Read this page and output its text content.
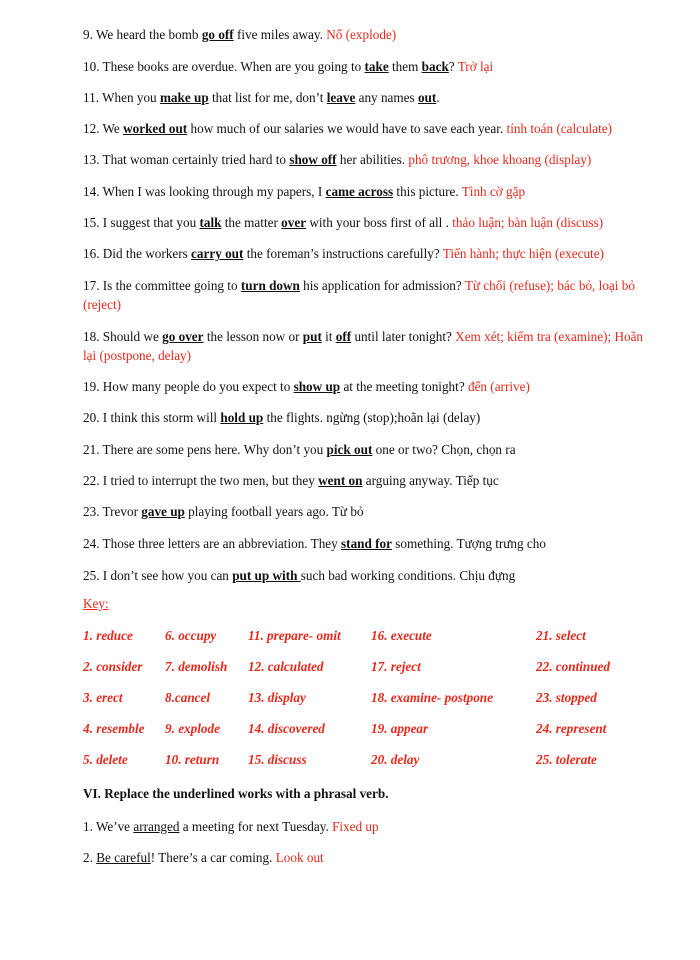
9. We heard the bomb go off five miles away. Nổ (explode)
10. These books are overdue. When are you going to take them back? Trở lại
11. When you make up that list for me, don’t leave any names out.
12. We worked out how much of our salaries we would have to save each year. tính toán (calculate)
13. That woman certainly tried hard to show off her abilities. phô trương, khoe khoang (display)
14. When I was looking through my papers, I came across this picture. Tình cờ gặp
15. I suggest that you talk the matter over with your boss first of all . thảo luận; bàn luận (discuss)
16. Did the workers carry out the foreman’s instructions carefully? Tiến hành; thực hiện (execute)
17. Is the committee going to turn down his application for admission? Từ chối (refuse); bác bỏ, loại bỏ (reject)
18. Should we go over the lesson now or put it off until later tonight? Xem xét; kiểm tra (examine); Hoãn lại (postpone, delay)
19. How many people do you expect to show up at the meeting tonight? đến (arrive)
20. I think this storm will hold up the flights. ngừng (stop);hoãn lại (delay)
21. There are some pens here. Why don’t you pick out one or two? Chọn, chọn ra
22. I tried to interrupt the two men, but they went on arguing anyway. Tiếp tục
23. Trevor gave up playing football years ago. Từ bỏ
24. Those three letters are an abbreviation. They stand for something. Tượng trưng cho
25. I don’t see how you can put up with such bad working conditions. Chịu đựng
Key:
1. reduce 6. occupy 11. prepare- omit 16. execute	21. select
2. consider 7. demolish 12. calculated	17. reject	22. continued
3. erect	8.cancel	13. display	18. examine- postpone	23. stopped
4. resemble 9. explode 14. discovered	19. appear	24. represent
5. delete	10. return 15. discuss	20. delay	25. tolerate
VI. Replace the underlined works with a phrasal verb.
1. We’ve arranged a meeting for next Tuesday. Fixed up
2. Be careful! There’s a car coming. Look out
